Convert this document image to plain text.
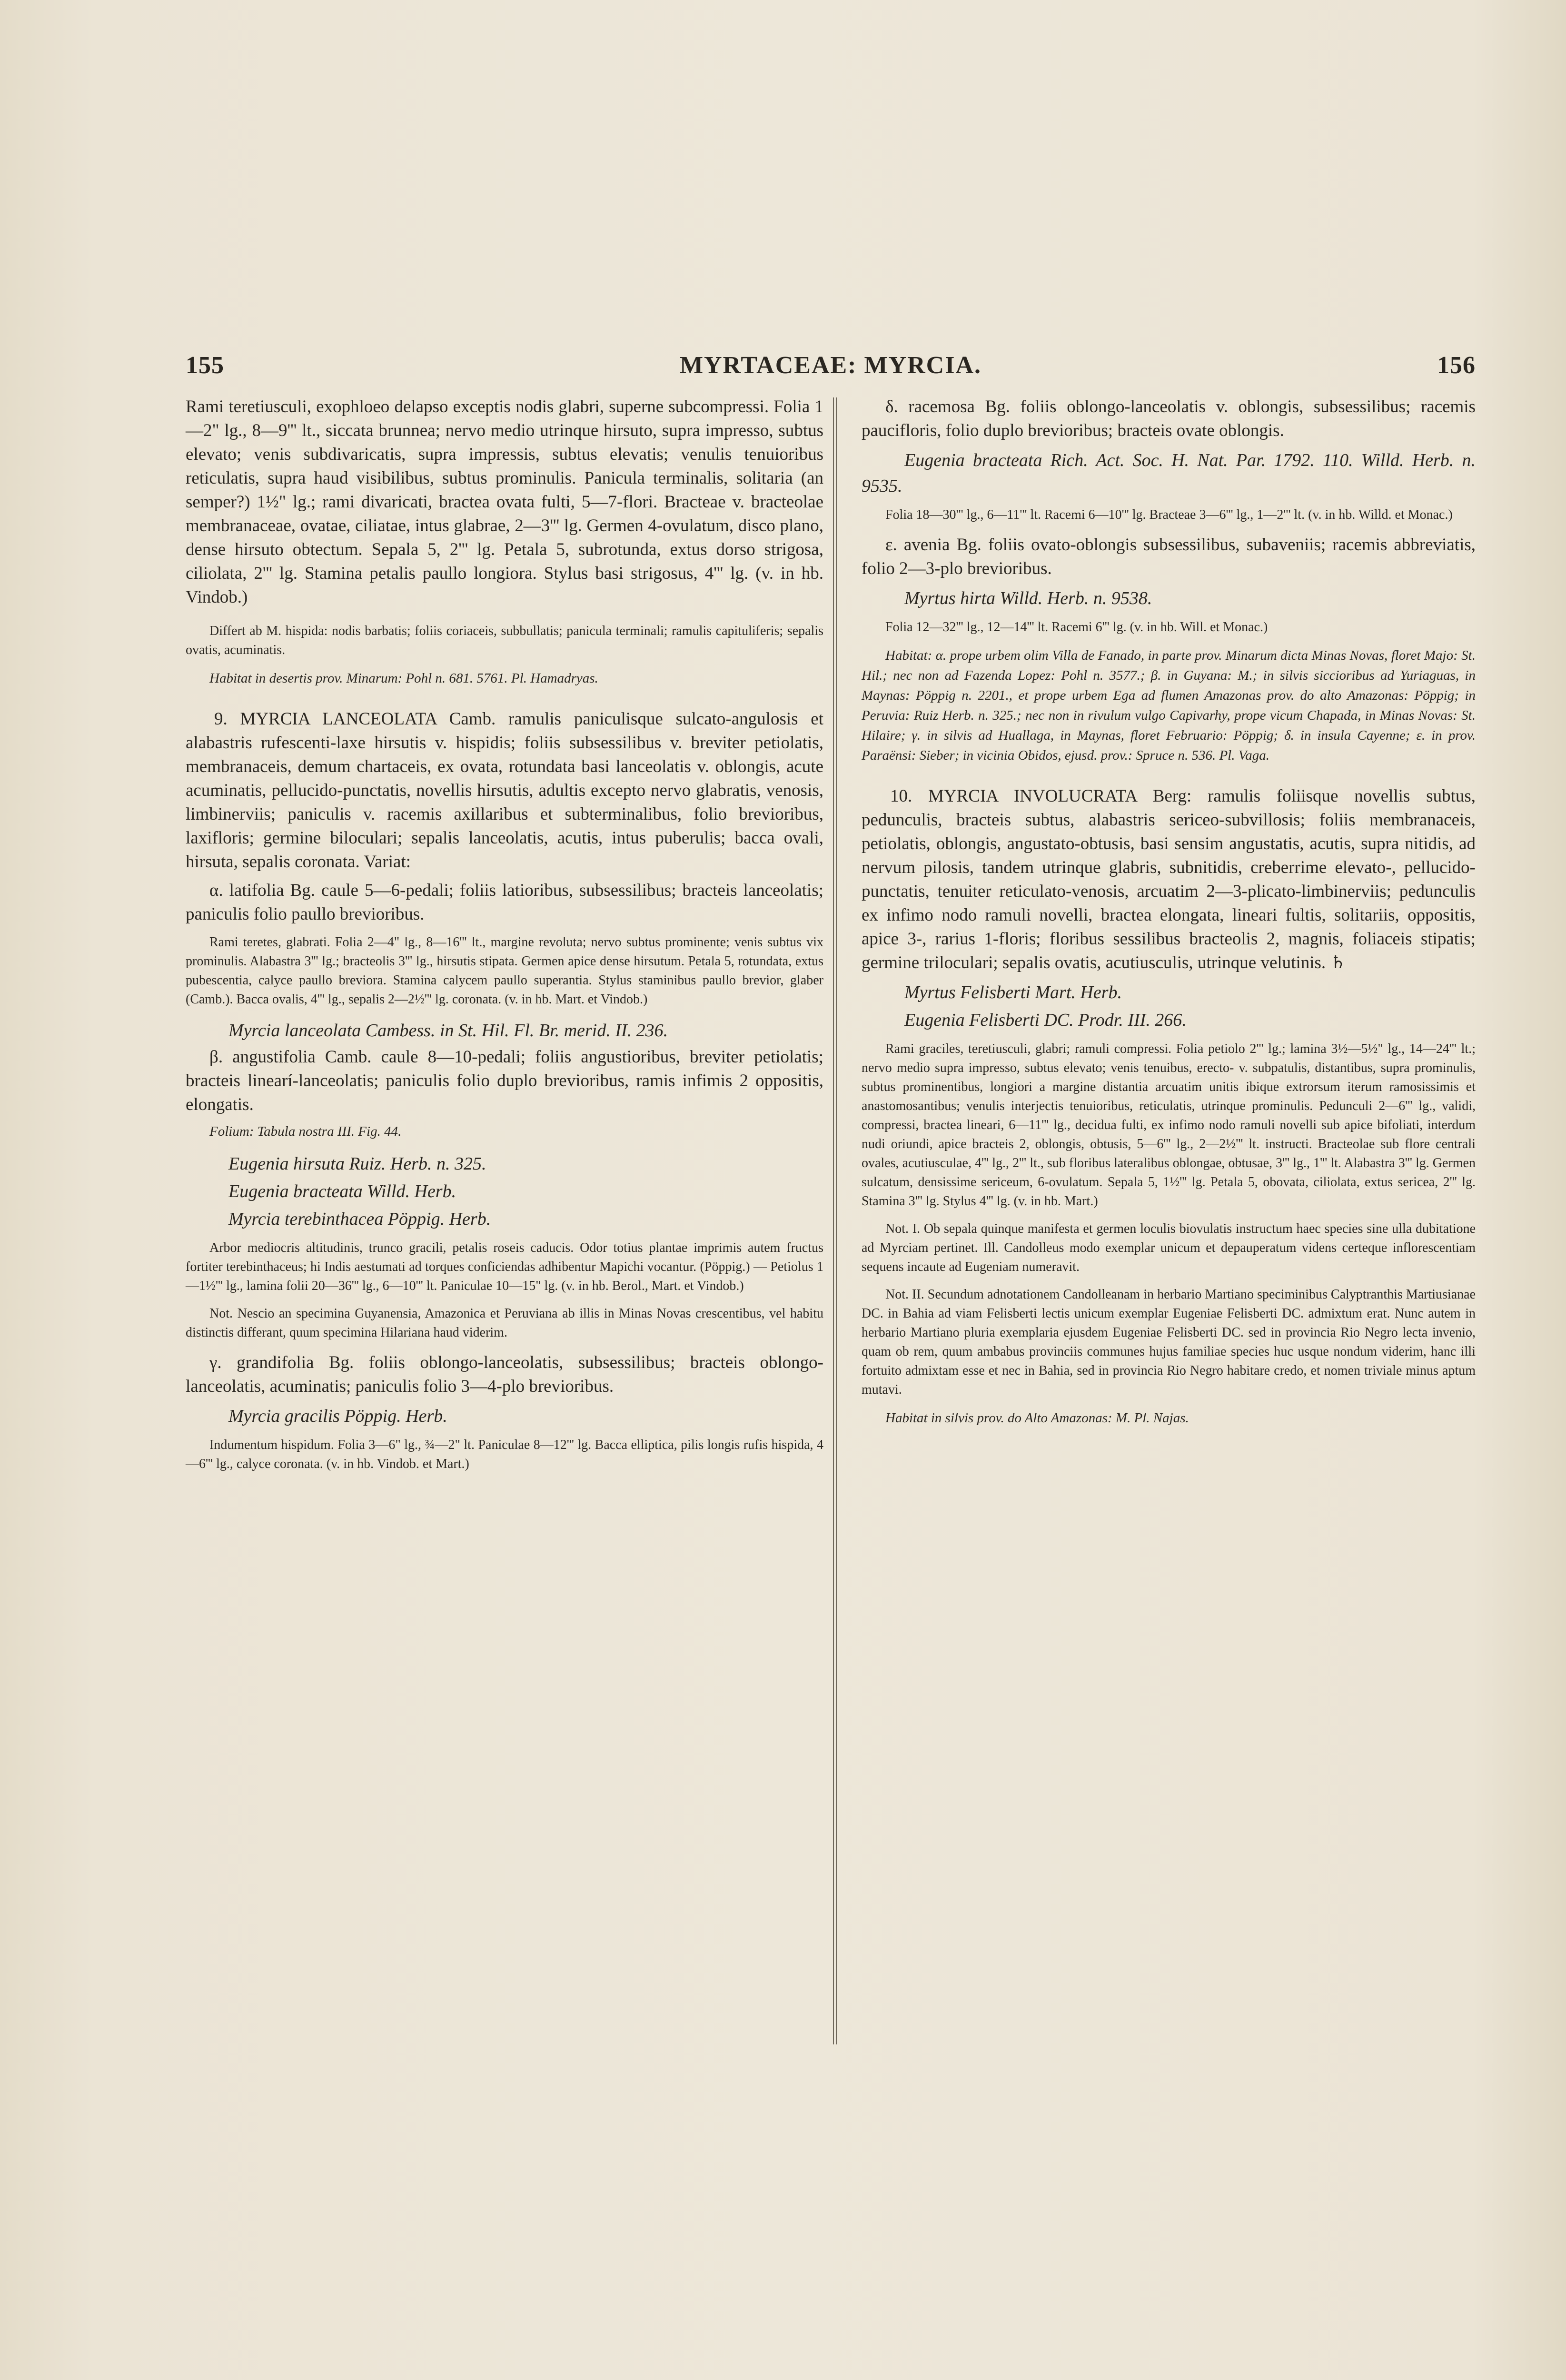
155	MYRTACEAE: MYRCIA.	156

Rami teretiusculi, exophloeo delapso exceptis nodis glabri, superne subcompressi. Folia 1—2" lg., 8—9''' lt., siccata brunnea; nervo medio utrinque hirsuto, supra impresso, subtus elevato; venis subdivaricatis, supra impressis, subtus elevatis; venulis tenuioribus reticulatis, supra haud visibilibus, subtus prominulis. Panicula terminalis, solitaria (an semper?) 1½" lg.; rami divaricati, bractea ovata fulti, 5—7-flori. Bracteae v. bracteolae membranaceae, ovatae, ciliatae, intus glabrae, 2—3''' lg. Germen 4-ovulatum, disco plano, dense hirsuto obtectum. Sepala 5, 2''' lg. Petala 5, subrotunda, extus dorso strigosa, ciliolata, 2''' lg. Stamina petalis paullo longiora. Stylus basi strigosus, 4''' lg. (v. in hb. Vindob.)

Differt ab M. hispida: nodis barbatis; foliis coriaceis, subbullatis; panicula terminali; ramulis capituliferis; sepalis ovatis, acuminatis.

Habitat in desertis prov. Minarum: Pohl n. 681. 5761. Pl. Hamadryas.

9. MYRCIA LANCEOLATA Camb. ramulis paniculisque sulcato-angulosis et alabastris rufescenti-laxe hirsutis v. hispidis; foliis subsessilibus v. breviter petiolatis, membranaceis, demum chartaceis, ex ovata, rotundata basi lanceolatis v. oblongis, acute acuminatis, pellucido-punctatis, novellis hirsutis, adultis excepto nervo glabratis, venosis, limbinerviis; paniculis v. racemis axillaribus et subterminalibus, folio brevioribus, laxifloris; germine biloculari; sepalis lanceolatis, acutis, intus puberulis; bacca ovali, hirsuta, sepalis coronata. Variat:

α. latifolia Bg. caule 5—6-pedali; foliis latioribus, subsessilibus; bracteis lanceolatis; paniculis folio paullo brevioribus.

Rami teretes, glabrati. Folia 2—4" lg., 8—16''' lt., margine revoluta; nervo subtus prominente; venis subtus vix prominulis. Alabastra 3''' lg.; bracteolis 3''' lg., hirsutis stipata. Germen apice dense hirsutum. Petala 5, rotundata, extus pubescentia, calyce paullo breviora. Stamina calycem paullo superantia. Stylus staminibus paullo brevior, glaber (Camb.). Bacca ovalis, 4''' lg., sepalis 2—2½''' lg. coronata. (v. in hb. Mart. et Vindob.)

Myrcia lanceolata Cambess. in St. Hil. Fl. Br. merid. II. 236.

β. angustifolia Camb. caule 8—10-pedali; foliis angustioribus, breviter petiolatis; bracteis linearí-lanceolatis; paniculis folio duplo brevioribus, ramis infimis 2 oppositis, elongatis.

Folium: Tabula nostra III. Fig. 44.

Eugenia hirsuta Ruiz. Herb. n. 325.

Eugenia bracteata Willd. Herb.

Myrcia terebinthacea Pöppig. Herb.

Arbor mediocris altitudinis, trunco gracili, petalis roseis caducis. Odor totius plantae imprimis autem fructus fortiter terebinthaceus; hi Indis aestumati ad torques conficiendas adhibentur Mapichi vocantur. (Pöppig.) — Petiolus 1—1½''' lg., lamina folii 20—36''' lg., 6—10''' lt. Paniculae 10—15" lg. (v. in hb. Berol., Mart. et Vindob.)

Not. Nescio an specimina Guyanensia, Amazonica et Peruviana ab illis in Minas Novas crescentibus, vel habitu distinctis differant, quum specimina Hilariana haud viderim.

γ. grandifolia Bg. foliis oblongo-lanceolatis, subsessilibus; bracteis oblongo-lanceolatis, acuminatis; paniculis folio 3—4-plo brevioribus.

Myrcia gracilis Pöppig. Herb.

Indumentum hispidum. Folia 3—6" lg., ¾—2" lt. Paniculae 8—12''' lg. Bacca elliptica, pilis longis rufis hispida, 4—6''' lg., calyce coronata. (v. in hb. Vindob. et Mart.)

δ. racemosa Bg. foliis oblongo-lanceolatis v. oblongis, subsessilibus; racemis paucifloris, folio duplo brevioribus; bracteis ovate oblongis.

Eugenia bracteata Rich. Act. Soc. H. Nat. Par. 1792. 110. Willd. Herb. n. 9535.

Folia 18—30''' lg., 6—11''' lt. Racemi 6—10''' lg. Bracteae 3—6''' lg., 1—2''' lt. (v. in hb. Willd. et Monac.)

ε. avenia Bg. foliis ovato-oblongis subsessilibus, subaveniis; racemis abbreviatis, folio 2—3-plo brevioribus.

Myrtus hirta Willd. Herb. n. 9538.

Folia 12—32''' lg., 12—14''' lt. Racemi 6''' lg. (v. in hb. Will. et Monac.)

Habitat: α. prope urbem olim Villa de Fanado, in parte prov. Minarum dicta Minas Novas, floret Majo: St. Hil.; nec non ad Fazenda Lopez: Pohl n. 3577.; β. in Guyana: M.; in silvis siccioribus ad Yuriaguas, in Maynas: Pöppig n. 2201., et prope urbem Ega ad flumen Amazonas prov. do alto Amazonas: Pöppig; in Peruvia: Ruiz Herb. n. 325.; nec non in rivulum vulgo Capivarhy, prope vicum Chapada, in Minas Novas: St. Hilaire; γ. in silvis ad Huallaga, in Maynas, floret Februario: Pöppig; δ. in insula Cayenne; ε. in prov. Paraënsi: Sieber; in vicinia Obidos, ejusd. prov.: Spruce n. 536. Pl. Vaga.

10. MYRCIA INVOLUCRATA Berg: ramulis foliisque novellis subtus, pedunculis, bracteis subtus, alabastris sericeo-subvillosis; foliis membranaceis, petiolatis, oblongis, angustato-obtusis, basi sensim angustatis, acutis, supra nitidis, ad nervum pilosis, tandem utrinque glabris, subnitidis, creberrime elevato-, pellucido-punctatis, tenuiter reticulato-venosis, arcuatim 2—3-plicato-limbinerviis; pedunculis ex infimo nodo ramuli novelli, bractea elongata, lineari fultis, solitariis, oppositis, apice 3-, rarius 1-floris; floribus sessilibus bracteolis 2, magnis, foliaceis stipatis; germine triloculari; sepalis ovatis, acutiusculis, utrinque velutinis. ♄

Myrtus Felisberti Mart. Herb.

Eugenia Felisberti DC. Prodr. III. 266.

Rami graciles, teretiusculi, glabri; ramuli compressi. Folia petiolo 2''' lg.; lamina 3½—5½" lg., 14—24''' lt.; nervo medio supra impresso, subtus elevato; venis tenuibus, erecto- v. subpatulis, distantibus, supra prominulis, subtus prominentibus, longiori a margine distantia arcuatim unitis ibique extrorsum iterum ramosissimis et anastomosantibus; venulis interjectis tenuioribus, reticulatis, utrinque prominulis. Pedunculi 2—6''' lg., validi, compressi, bractea lineari, 6—11''' lg., decidua fulti, ex infimo nodo ramuli novelli sub apice bifoliati, interdum nudi oriundi, apice bracteis 2, oblongis, obtusis, 5—6''' lg., 2—2½''' lt. instructi. Bracteolae sub flore centrali ovales, acutiusculae, 4''' lg., 2''' lt., sub floribus lateralibus oblongae, obtusae, 3''' lg., 1''' lt. Alabastra 3''' lg. Germen sulcatum, densissime sericeum, 6-ovulatum. Sepala 5, 1½''' lg. Petala 5, obovata, ciliolata, extus sericea, 2''' lg. Stamina 3''' lg. Stylus 4''' lg. (v. in hb. Mart.)

Not. I. Ob sepala quinque manifesta et germen loculis biovulatis instructum haec species sine ulla dubitatione ad Myrciam pertinet. Ill. Candolleus modo exemplar unicum et depauperatum videns certeque inflorescentiam sequens incaute ad Eugeniam numeravit.

Not. II. Secundum adnotationem Candolleanam in herbario Martiano speciminibus Calyptranthis Martiusianae DC. in Bahia ad viam Felisberti lectis unicum exemplar Eugeniae Felisberti DC. admixtum erat. Nunc autem in herbario Martiano pluria exemplaria ejusdem Eugeniae Felisberti DC. sed in provincia Rio Negro lecta invenio, quam ob rem, quum ambabus provinciis communes hujus familiae species huc usque nondum viderim, hanc illi fortuito admixtam esse et nec in Bahia, sed in provincia Rio Negro habitare credo, et nomen triviale minus aptum mutavi.

Habitat in silvis prov. do Alto Amazonas: M. Pl. Najas.
